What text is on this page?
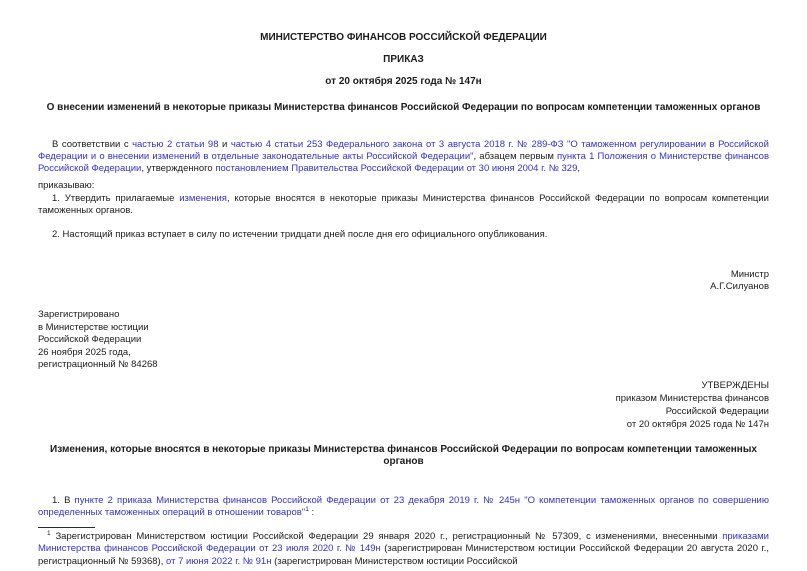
МИНИСТЕРСТВО ФИНАНСОВ РОССИЙСКОЙ ФЕДЕРАЦИИ
ПРИКАЗ
от 20 октября 2025 года № 147н
О внесении изменений в некоторые приказы Министерства финансов Российской Федерации по вопросам компетенции таможенных органов

В соответствии с частью 2 статьи 98 и частью 4 статьи 253 Федерального закона от 3 августа 2018 г. № 289-ФЗ "О таможенном регулировании в Российской Федерации и о внесении изменений в отдельные законодательные акты Российской Федерации", абзацем первым пункта 1 Положения о Министерстве финансов Российской Федерации, утвержденного постановлением Правительства Российской Федерации от 30 июня 2004 г. № 329,

приказываю:

1. Утвердить прилагаемые изменения, которые вносятся в некоторые приказы Министерства финансов Российской Федерации по вопросам компетенции таможенных органов.

2. Настоящий приказ вступает в силу по истечении тридцати дней после дня его официального опубликования.

Министр
А.Г.Силуанов
Зарегистрировано
в Министерстве юстиции
Российской Федерации
26 ноября 2025 года,
регистрационный № 84268
УТВЕРЖДЕНЫ
приказом Министерства финансов
Российской Федерации
от 20 октября 2025 года № 147н
Изменения, которые вносятся в некоторые приказы Министерства финансов Российской Федерации по вопросам компетенции таможенных органов

1. В пункте 2 приказа Министерства финансов Российской Федерации от 23 декабря 2019 г. № 245н "О компетенции таможенных органов по совершению определенных таможенных операций в отношении товаров"$^1$ :

$^1$ Зарегистрирован Министерством юстиции Российской Федерации 29 января 2020 г., регистрационный № 57309, с изменениями, внесенными приказами Министерства финансов Российской Федерации от 23 июля 2020 г. № 149н (зарегистрирован Министерством юстиции Российской Федерации 20 августа 2020 г., регистрационный № 59368), от 7 июня 2022 г. № 91н (зарегистрирован Министерством юстиции Российской
